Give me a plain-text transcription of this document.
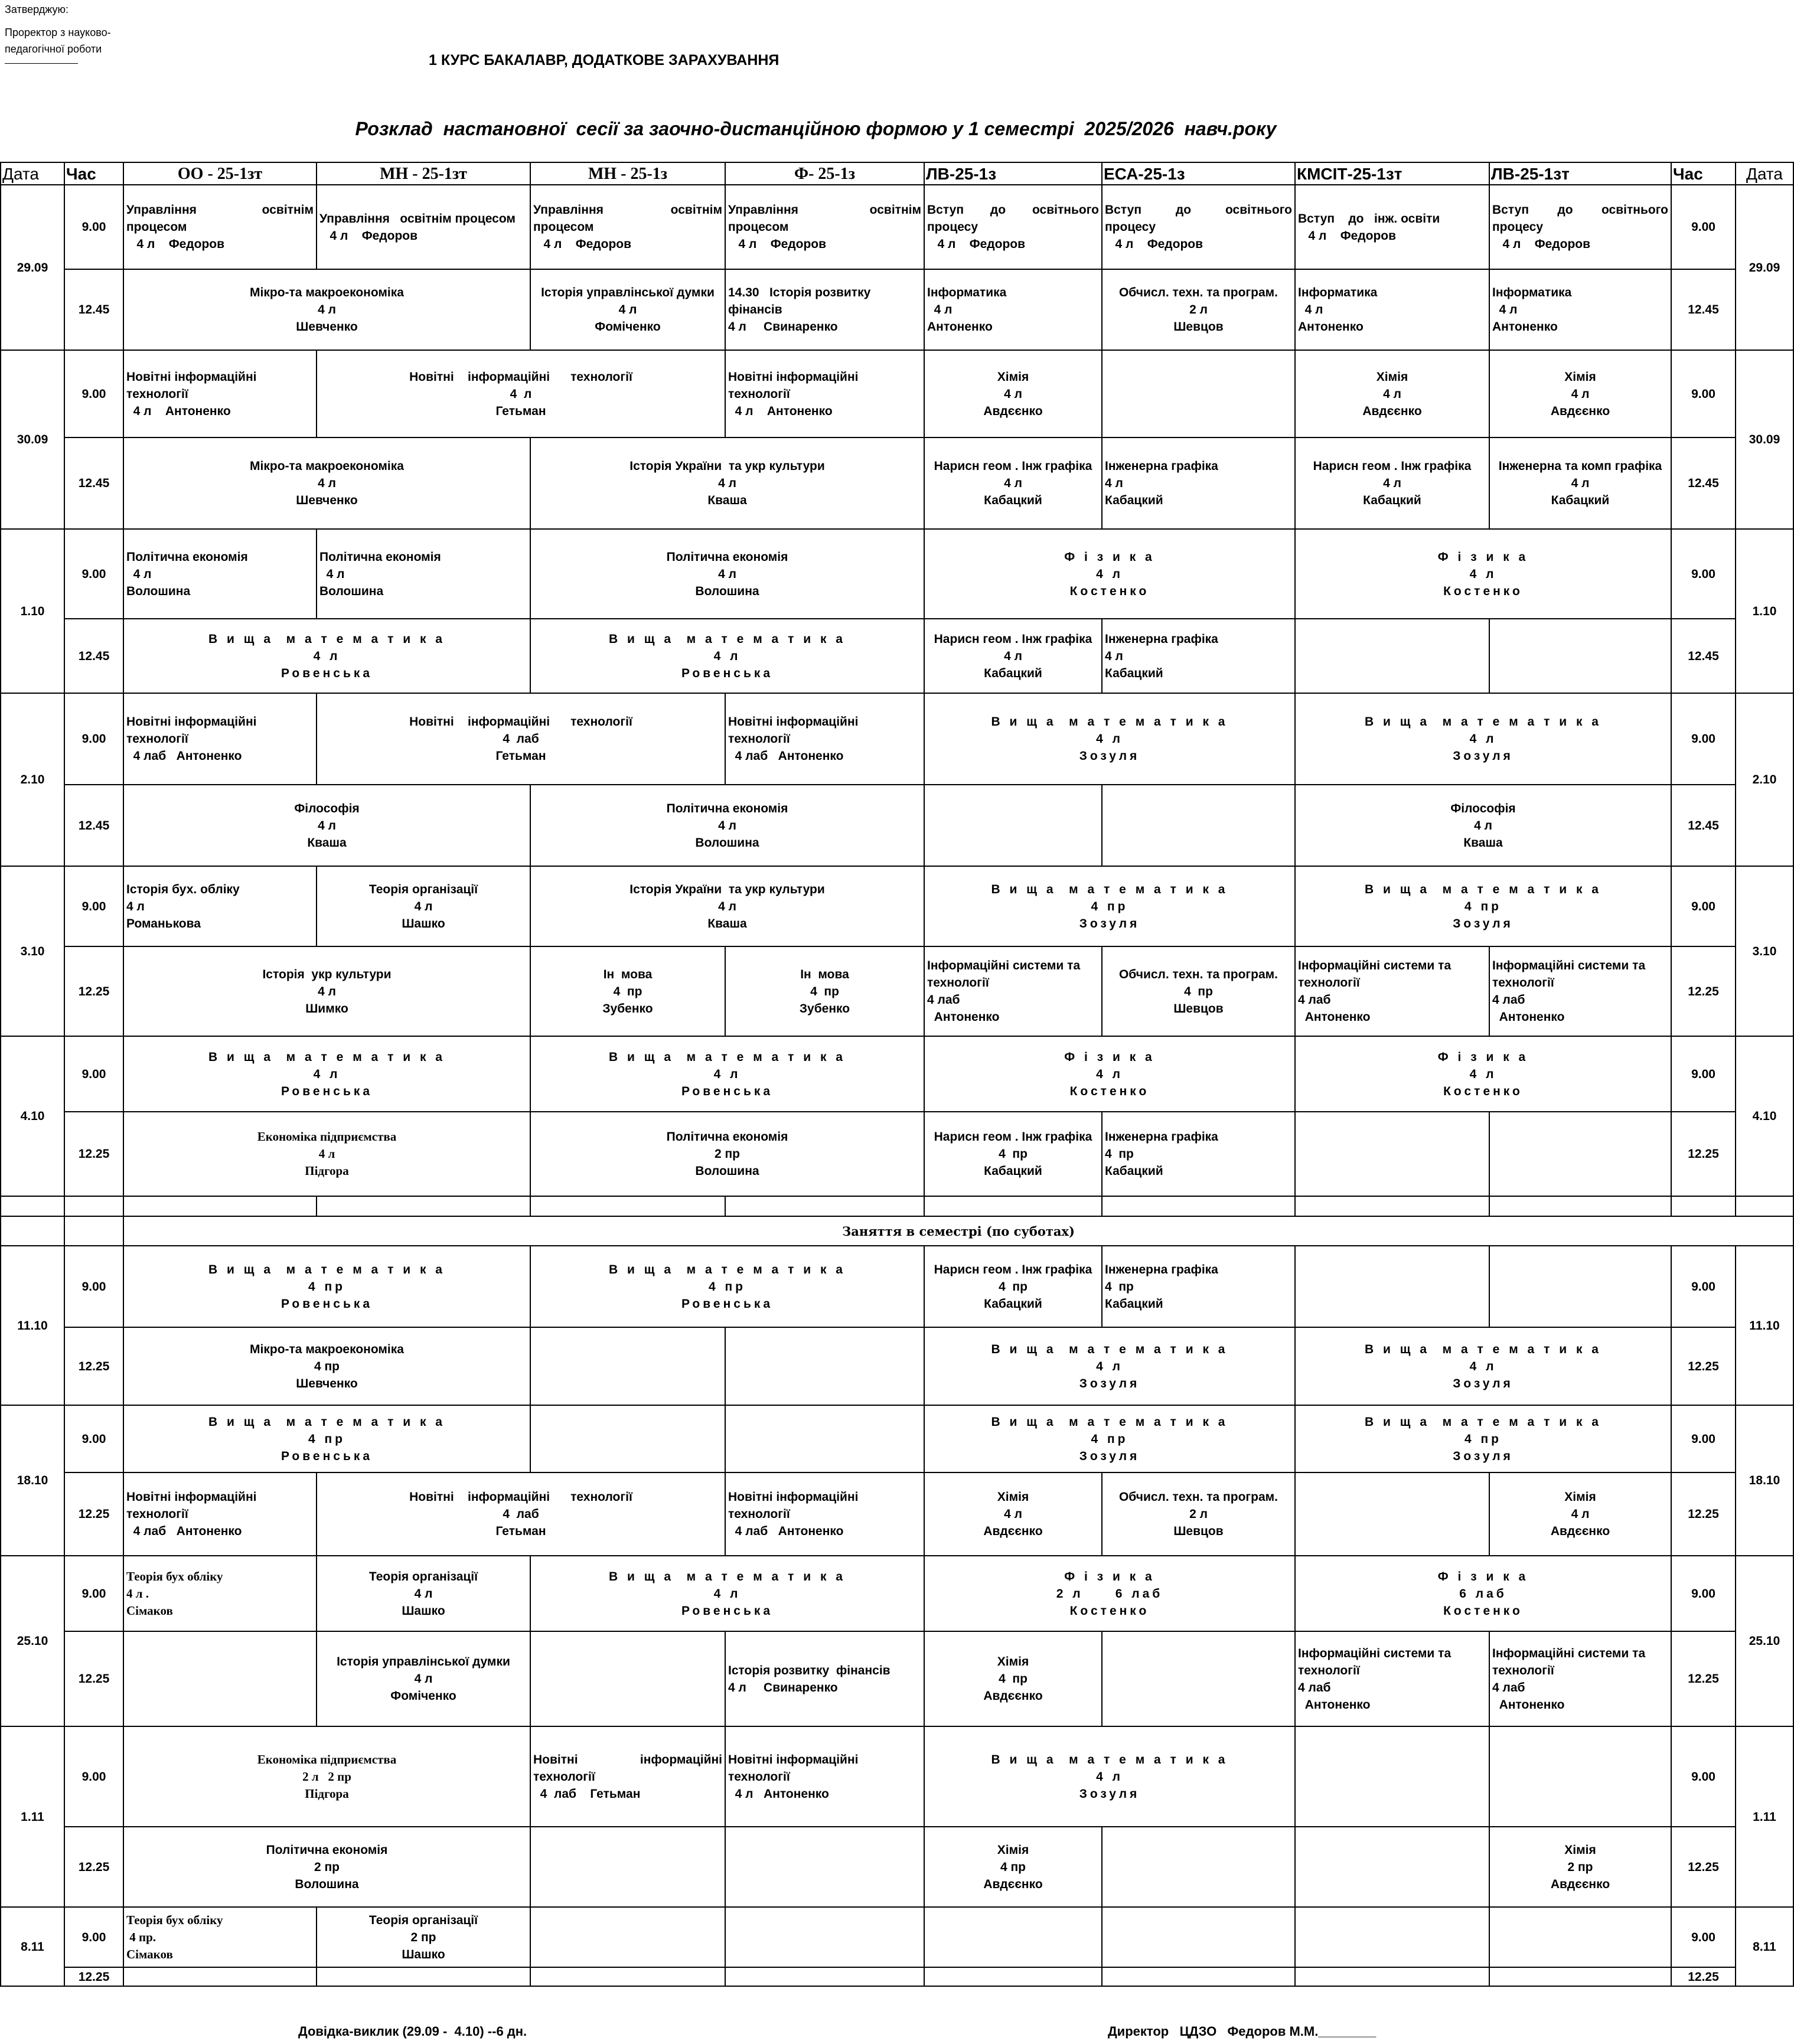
Затверджую:
Проректор з науково-
педагогічної роботи
1 КУРС БАКАЛАВР, ДОДАТКОВЕ ЗАРАХУВАННЯ
Розклад  настановної  сесії за заочно-дистанційною формою у 1 семестрі  2025/2026  навч.року
Дата	Час	ОО - 25-1зт	МН - 25-1зт	МН - 25-1з	Ф- 25-1з	ЛВ-25-1з	ЕСА-25-1з	КМСІТ-25-1зт	ЛВ-25-1зт	Час	Дата
29.09	9.00	Управління   освітнім процесом
4 л    Федоров	Управління   освітнім процесом
4 л    Федоров	Управління   освітнім процесом
4 л    Федоров	Управління   освітнім процесом
4 л    Федоров	Вступ   до   освітнього процесу
4 л    Федоров	Вступ   до   освітнього процесу
4 л    Федоров	Вступ    до   інж. освіти
4 л    Федоров	Вступ   до   освітнього процесу
4 л    Федоров	9.00	29.09
	12.45	Мікро-та макроекономіка
4 л
Шевченко		Історія управлінської думки
4 л
Фоміченко	14.30   Історія розвитку фінансів
4 л     Свинаренко	Інформатика
4 л
Антоненко	Обчисл. техн. та програм.
2 л
Шевцов	Інформатика
4 л
Антоненко	Інформатика
4 л
Антоненко	12.45	
30.09	9.00	Новітні інформаційні технології
4 л    Антоненко	Новітні    інформаційні      технології
4  л
Гетьман		Новітні інформаційні технології
4 л    Антоненко	Хімія
4 л
Авдєєнко		Хімія
4 л
Авдєєнко	Хімія
4 л
Авдєєнко	9.00	30.09
	12.45	Мікро-та макроекономіка
4 л
Шевченко		Історія України  та укр культури
4 л
Кваша		Нарисн геом . Інж графіка
4 л
Кабацкий	Інженерна графіка
4 л
Кабацкий	Нарисн геом . Інж графіка
4 л
Кабацкий	Інженерна та комп графіка
4 л
Кабацкий	12.45	
1.10	9.00	Політична економія
4 л
Волошина	Політична економія
4 л
Волошина	Політична економія
4 л
Волошина		Ф і з и к а
4 л
Костенко		Ф і з и к а
4 л
Костенко		9.00	1.10
	12.45	В и щ а  м а т е м а т и к а
4 л
Ровенська		В и щ а  м а т е м а т и к а
4 л
Ровенська		Нарисн геом . Інж графіка
4 л
Кабацкий	Інженерна графіка
4 л
Кабацкий			12.45	
2.10	9.00	Новітні інформаційні технології
4 лаб   Антоненко	Новітні    інформаційні      технології
4  лаб
Гетьман		Новітні інформаційні технології
4 лаб   Антоненко	В и щ а  м а т е м а т и к а
4 л
Зозуля		В и щ а  м а т е м а т и к а
4 л
Зозуля		9.00	2.10
	12.45	Філософія
4 л
Кваша		Політична економія
4 л
Волошина				Філософія
4 л
Кваша		12.45	
3.10	9.00	Історія бух. обліку
4 л
Романькова	Теорія організації
4 л
Шашко	Історія України  та укр культури
4 л
Кваша		В и щ а  м а т е м а т и к а
4 пр
Зозуля		В и щ а  м а т е м а т и к а
4 пр
Зозуля		9.00	3.10
	12.25	Історія  укр культури
4 л
Шимко		Ін  мова
4  пр
Зубенко	Ін  мова
4  пр
Зубенко	Інформаційні системи та технології
4 лаб
Антоненко	Обчисл. техн. та програм.
4  пр
Шевцов	Інформаційні системи та технології
4 лаб
Антоненко	Інформаційні системи та технології
4 лаб
Антоненко	12.25	
4.10	9.00	В и щ а  м а т е м а т и к а
4 л
Ровенська		В и щ а  м а т е м а т и к а
4 л
Ровенська		Ф і з и к а
4 л
Костенко		Ф і з и к а
4 л
Костенко		9.00	4.10
	12.25	Економіка підприємства
4 л
Підгора		Політична економія
2 пр
Волошина		Нарисн геом . Інж графіка
4  пр
Кабацкий	Інженерна графіка
4  пр
Кабацкий			12.25	

		Заняття в семестрі (по суботах)									
11.10	9.00	В и щ а  м а т е м а т и к а
4 пр
Ровенська		В и щ а  м а т е м а т и к а
4 пр
Ровенська		Нарисн геом . Інж графіка
4  пр
Кабацкий	Інженерна графіка
4  пр
Кабацкий			9.00	11.10
	12.25	Мікро-та макроекономіка
4 пр
Шевченко				В и щ а  м а т е м а т и к а
4 л
Зозуля		В и щ а  м а т е м а т и к а
4 л
Зозуля		12.25	
18.10	9.00	В и щ а  м а т е м а т и к а
4 пр
Ровенська				В и щ а  м а т е м а т и к а
4 пр
Зозуля		В и щ а  м а т е м а т и к а
4 пр
Зозуля		9.00	18.10
	12.25	Новітні інформаційні технології
4 лаб   Антоненко	Новітні    інформаційні      технології
4  лаб
Гетьман		Новітні інформаційні технології
4 лаб   Антоненко	Хімія
4 л
Авдєєнко	Обчисл. техн. та програм.
2 л
Шевцов		Хімія
4 л
Авдєєнко	12.25	
25.10	9.00	Теорія бух обліку
4 л .
Сімаков	Теорія організації
4 л
Шашко	В и щ а  м а т е м а т и к а
4 л
Ровенська		Ф і з и к а
2 л     6 лаб
Костенко		Ф і з и к а
6 лаб
Костенко		9.00	25.10
	12.25		Історія управлінської думки
4 л
Фоміченко		Історія розвитку  фінансів
4 л     Свинаренко	Хімія
4  пр
Авдєєнко		Інформаційні системи та технології
4 лаб
Антоненко	Інформаційні системи та технології
4 лаб
Антоненко	12.25	
1.11	9.00	Економіка підприємства
2 л   2 пр
Підгора		Новітні    інформаційні технології
4  лаб    Гетьман	Новітні інформаційні технології
4 л   Антоненко	В и щ а  м а т е м а т и к а
4 л
Зозуля				9.00	1.11
	12.25	Політична економія
2 пр
Волошина				Хімія
4 пр
Авдєєнко			Хімія
2 пр
Авдєєнко	12.25	
8.11	9.00	Теорія бух обліку
4 пр.
Сімаков	Теорія організації
2 пр
Шашко							9.00	8.11
	12.25									12.25	
Довідка-виклик (29.09 -  4.10) --6 дн.	Директор   ЦДЗО   Федоров М.М.________
